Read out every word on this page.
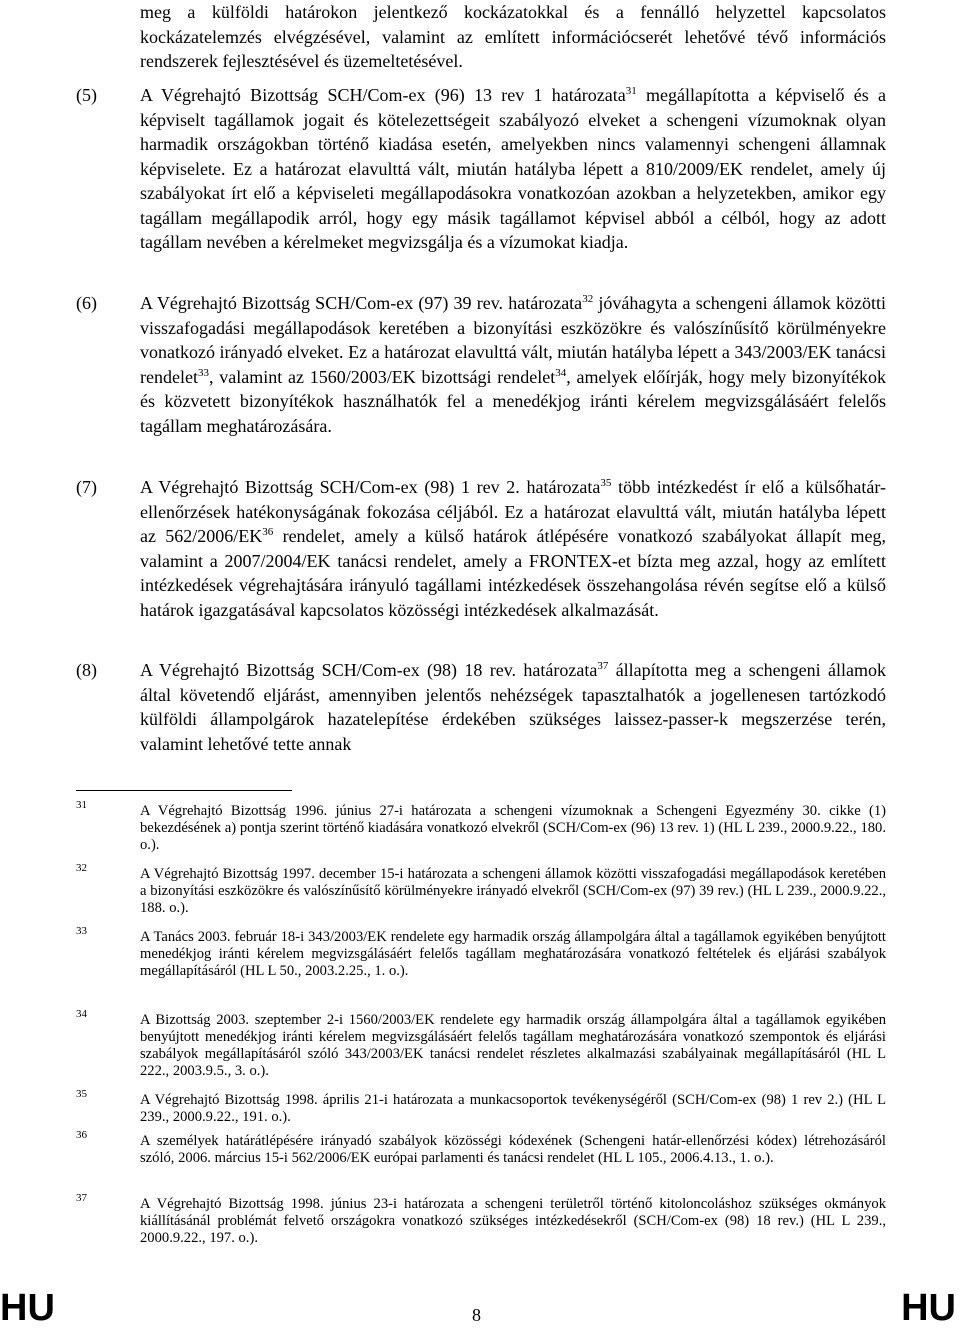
meg a külföldi határokon jelentkező kockázatokkal és a fennálló helyzettel kapcsolatos kockázatelemzés elvégzésével, valamint az említett információcserét lehetővé tévő információs rendszerek fejlesztésével és üzemeltetésével.
(5) A Végrehajtó Bizottság SCH/Com-ex (96) 13 rev 1 határozata$^{31}$ megállapította a képviselő és a képviselt tagállamok jogait és kötelezettségeit szabályozó elveket a schengeni vízumoknak olyan harmadik országokban történő kiadása esetén, amelyekben nincs valamennyi schengeni államnak képviselete. Ez a határozat elavulttá vált, miután hatályba lépett a 810/2009/EK rendelet, amely új szabályokat írt elő a képviseleti megállapodásokra vonatkozóan azokban a helyzetekben, amikor egy tagállam megállapodik arról, hogy egy másik tagállamot képvisel abból a célból, hogy az adott tagállam nevében a kérelmeket megvizsgálja és a vízumokat kiadja.
(6) A Végrehajtó Bizottság SCH/Com-ex (97) 39 rev. határozata$^{32}$ jóváhagyta a schengeni államok közötti visszafogadási megállapodások keretében a bizonyítási eszközökre és valószínűsítő körülményekre vonatkozó irányadó elveket. Ez a határozat elavulttá vált, miután hatályba lépett a 343/2003/EK tanácsi rendelet$^{33}$, valamint az 1560/2003/EK bizottsági rendelet$^{34}$, amelyek előírják, hogy mely bizonyítékok és közvetett bizonyítékok használhatók fel a menedékjog iránti kérelem megvizsgálásáért felelős tagállam meghatározására.
(7) A Végrehajtó Bizottság SCH/Com-ex (98) 1 rev 2. határozata$^{35}$ több intézkedést ír elő a külsőhatár-ellenőrzések hatékonyságának fokozása céljából. Ez a határozat elavulttá vált, miután hatályba lépett az 562/2006/EK$^{36}$ rendelet, amely a külső határok átlépésére vonatkozó szabályokat állapít meg, valamint a 2007/2004/EK tanácsi rendelet, amely a FRONTEX-et bízta meg azzal, hogy az említett intézkedések végrehajtására irányuló tagállami intézkedések összehangolása révén segítse elő a külső határok igazgatásával kapcsolatos közösségi intézkedések alkalmazását.
(8) A Végrehajtó Bizottság SCH/Com-ex (98) 18 rev. határozata$^{37}$ állapította meg a schengeni államok által követendő eljárást, amennyiben jelentős nehézségek tapasztalhatók a jogellenesen tartózkodó külföldi állampolgárok hazatelepítése érdekében szükséges laissez-passer-k megszerzése terén, valamint lehetővé tette annak
31	A Végrehajtó Bizottság 1996. június 27-i határozata a schengeni vízumoknak a Schengeni Egyezmény 30. cikke (1) bekezdésének a) pontja szerint történő kiadására vonatkozó elvekről (SCH/Com-ex (96) 13 rev. 1) (HL L 239., 2000.9.22., 180. o.).
32	A Végrehajtó Bizottság 1997. december 15-i határozata a schengeni államok közötti visszafogadási megállapodások keretében a bizonyítási eszközökre és valószínűsítő körülményekre irányadó elvekről (SCH/Com-ex (97) 39 rev.) (HL L 239., 2000.9.22., 188. o.).
33	A Tanács 2003. február 18-i 343/2003/EK rendelete egy harmadik ország állampolgára által a tagállamok egyikében benyújtott menedékjog iránti kérelem megvizsgálásáért felelős tagállam meghatározására vonatkozó feltételek és eljárási szabályok megállapításáról (HL L 50., 2003.2.25., 1. o.).
34	A Bizottság 2003. szeptember 2-i 1560/2003/EK rendelete egy harmadik ország állampolgára által a tagállamok egyikében benyújtott menedékjog iránti kérelem megvizsgálásáért felelős tagállam meghatározására vonatkozó szempontok és eljárási szabályok megállapításáról szóló 343/2003/EK tanácsi rendelet részletes alkalmazási szabályainak megállapításáról (HL L 222., 2003.9.5., 3. o.).
35	A Végrehajtó Bizottság 1998. április 21-i határozata a munkacsoportok tevékenységéről (SCH/Com-ex (98) 1 rev 2.) (HL L 239., 2000.9.22., 191. o.).
36	A személyek határátlépésére irányadó szabályok közösségi kódexének (Schengeni határ-ellenőrzési kódex) létrehozásáról szóló, 2006. március 15-i 562/2006/EK európai parlamenti és tanácsi rendelet (HL L 105., 2006.4.13., 1. o.).
37	A Végrehajtó Bizottság 1998. június 23-i határozata a schengeni területről történő kitoloncoláshoz szükséges okmányok kiállításánál problémát felvető országokra vonatkozó szükséges intézkedésekről (SCH/Com-ex (98) 18 rev.) (HL L 239., 2000.9.22., 197. o.).
HU	8	HU
